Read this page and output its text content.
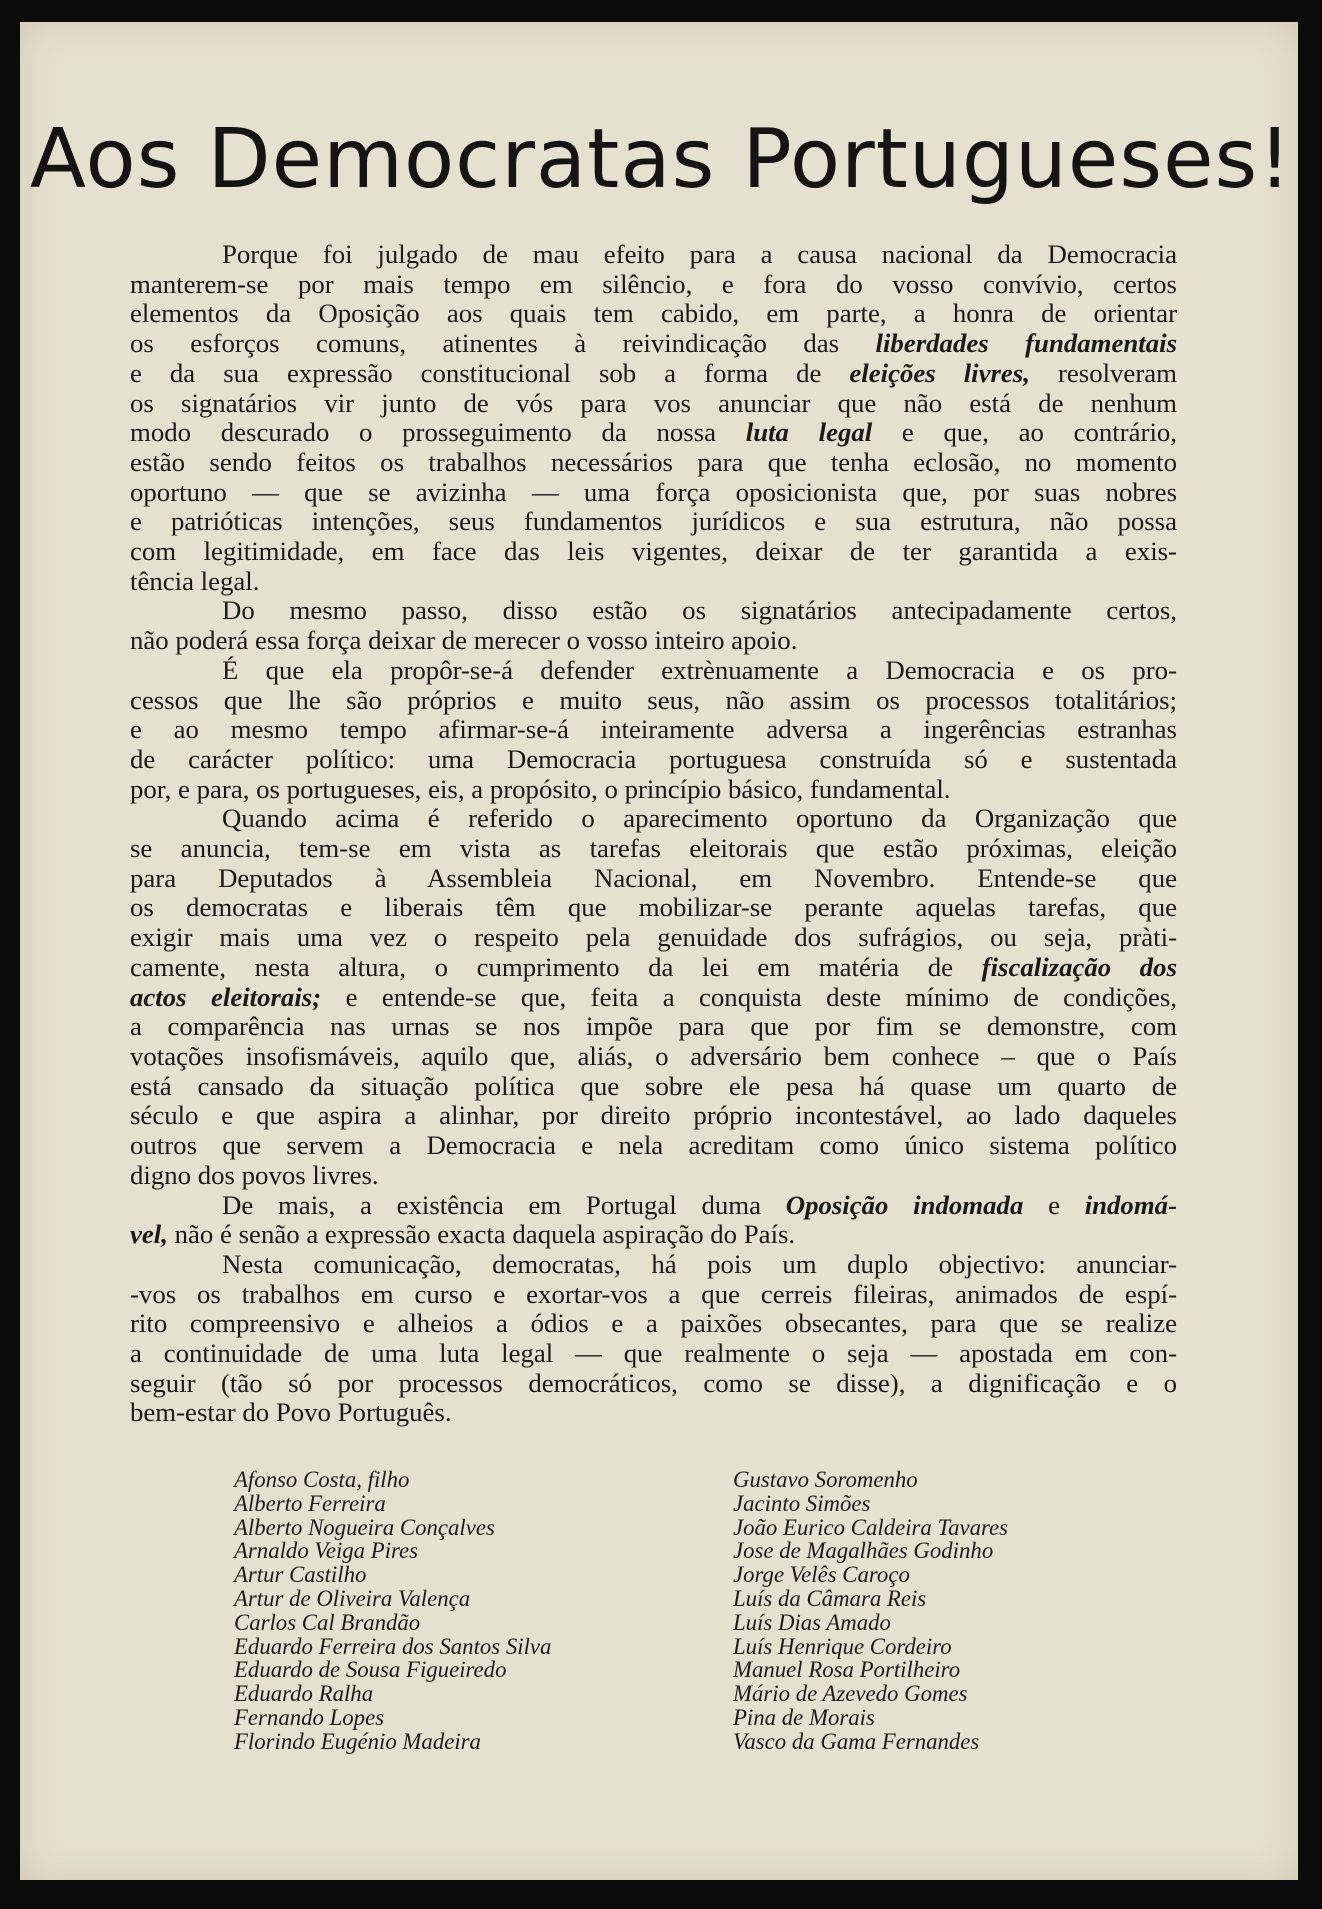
Aos Democratas Portugueses!
Porque foi julgado de mau efeito para a causa nacional da Democracia
manterem-se por mais tempo em silêncio, e fora do vosso convívio, certos
elementos da Oposição aos quais tem cabido, em parte, a honra de orientar
os esforços comuns, atinentes à reivindicação das liberdades fundamentais
e da sua expressão constitucional sob a forma de eleições livres, resolveram
os signatários vir junto de vós para vos anunciar que não está de nenhum
modo descurado o prosseguimento da nossa luta legal e que, ao contrário,
estão sendo feitos os trabalhos necessários para que tenha eclosão, no momento
oportuno — que se avizinha — uma força oposicionista que, por suas nobres
e patrióticas intenções, seus fundamentos jurídicos e sua estrutura, não possa
com legitimidade, em face das leis vigentes, deixar de ter garantida a exis-
tência legal.
Do mesmo passo, disso estão os signatários antecipadamente certos,
não poderá essa força deixar de merecer o vosso inteiro apoio.
É que ela propôr-se-á defender extrènuamente a Democracia e os pro-
cessos que lhe são próprios e muito seus, não assim os processos totalitários;
e ao mesmo tempo afirmar-se-á inteiramente adversa a ingerências estranhas
de carácter político: uma Democracia portuguesa construída só e sustentada
por, e para, os portugueses, eis, a propósito, o princípio básico, fundamental.
Quando acima é referido o aparecimento oportuno da Organização que
se anuncia, tem-se em vista as tarefas eleitorais que estão próximas, eleição
para Deputados à Assembleia Nacional, em Novembro. Entende-se que
os democratas e liberais têm que mobilizar-se perante aquelas tarefas, que
exigir mais uma vez o respeito pela genuidade dos sufrágios, ou seja, pràti-
camente, nesta altura, o cumprimento da lei em matéria de fiscalização dos
actos eleitorais; e entende-se que, feita a conquista deste mínimo de condições,
a comparência nas urnas se nos impõe para que por fim se demonstre, com
votações insofismáveis, aquilo que, aliás, o adversário bem conhece – que o País
está cansado da situação política que sobre ele pesa há quase um quarto de
século e que aspira a alinhar, por direito próprio incontestável, ao lado daqueles
outros que servem a Democracia e nela acreditam como único sistema político
digno dos povos livres.
De mais, a existência em Portugal duma Oposição indomada e indomá-
vel, não é senão a expressão exacta daquela aspiração do País.
Nesta comunicação, democratas, há pois um duplo objectivo: anunciar-
-vos os trabalhos em curso e exortar-vos a que cerreis fileiras, animados de espí-
rito compreensivo e alheios a ódios e a paixões obsecantes, para que se realize
a continuidade de uma luta legal — que realmente o seja — apostada em con-
seguir (tão só por processos democráticos, como se disse), a dignificação e o
bem-estar do Povo Português.
Afonso Costa, filho
Alberto Ferreira
Alberto Nogueira Conçalves
Arnaldo Veiga Pires
Artur Castilho
Artur de Oliveira Valença
Carlos Cal Brandão
Eduardo Ferreira dos Santos Silva
Eduardo de Sousa Figueiredo
Eduardo Ralha
Fernando Lopes
Florindo Eugénio Madeira
Gustavo Soromenho
Jacinto Simões
João Eurico Caldeira Tavares
Jose de Magalhães Godinho
Jorge Velês Caroço
Luís da Câmara Reis
Luís Dias Amado
Luís Henrique Cordeiro
Manuel Rosa Portilheiro
Mário de Azevedo Gomes
Pina de Morais
Vasco da Gama Fernandes
